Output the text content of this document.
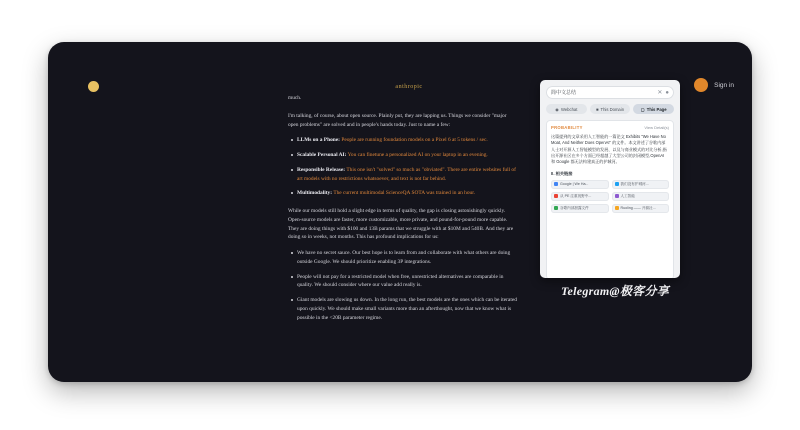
anthropic	Sign in

much.

I'm talking, of course, about open source. Plainly put, they are lapping us. Things we consider "major open problems" are solved and in people's hands today. Just to name a few:

LLMs on a Phone: People are running foundation models on a Pixel 6 at 5 tokens / sec.
Scalable Personal AI: You can finetune a personalized AI on your laptop in an evening.
Responsible Release: This one isn't "solved" so much as "obviated". There are entire websites full of art models with no restrictions whatsoever, and text is not far behind.
Multimodality: The current multimodal ScienceQA SOTA was trained in an hour.

While our models still hold a slight edge in terms of quality, the gap is closing astonishingly quickly. Open-source models are faster, more customizable, more private, and pound-for-pound more capable. They are doing things with $100 and 13B params that we struggle with at $10M and 540B. And they are doing so in weeks, not months. This has profound implications for us:

We have no secret sauce. Our best hope is to learn from and collaborate with what others are doing outside Google. We should prioritize enabling 3P integrations.
People will not pay for a restricted model when free, unrestricted alternatives are comparable in quality. We should consider where our value add really is.
Giant models are slowing us down. In the long run, the best models are the ones which can be iterated upon quickly. We should make small variants more than an afterthought, now that we know what is possible in the <20B parameter regime.
简中文总结	✕ ●
◉ Webchat	■ This Domain	▢ This Page
PROBABILITY	View Detail(s)
这篇提到的文章采用人工智能的一篇论文 Exhibits "We Have No Moat, And Neither Does OpenAI" 的文件。本文讲述了谷歌内部人士对开源人工智能模型的发展、以及与商业模式的对比分析,指出开源社区在多个方面已经超越了大型公司的封闭模型,OpenAI 和 Google 都无法构建真正的护城河。
II. 相关链接
Google | We Ha...	我们没有护城河...
从 PE 注重视野中...	人工智能
谷歌内部泄露文件	Ruoling —— 开源社...
Telegram@极客分享
